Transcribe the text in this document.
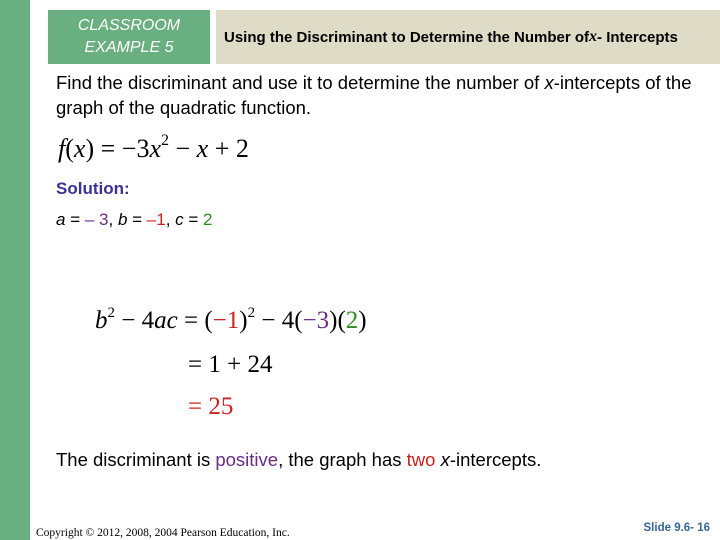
CLASSROOM
EXAMPLE 5
Using the Discriminant to Determine the Number of x - Intercepts
Find the discriminant and use it to determine the number of x-intercepts of the graph of the quadratic function.
$f(x) = -3x^2 - x + 2$
Solution:
a = – 3, b = –1, c = 2
$b^2 - 4ac = (-1)^2 - 4(-3)(2)$
= 1 + 24
= 25
The discriminant is positive, the graph has two x-intercepts.
Copyright © 2012, 2008, 2004 Pearson Education, Inc.	Slide 9.6- 16
